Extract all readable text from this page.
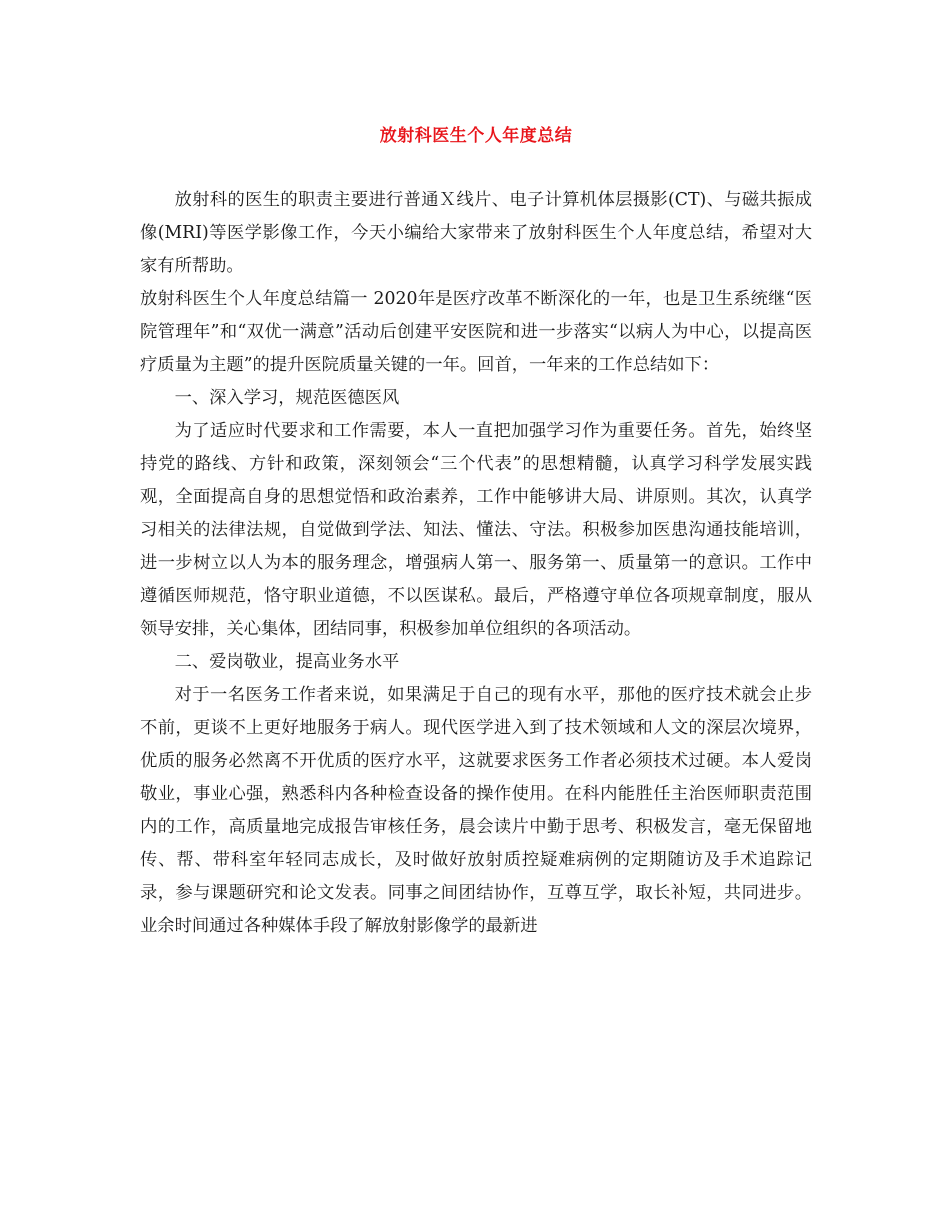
放射科医生个人年度总结

放射科的医生的职责主要进行普通Ｘ线片、电子计算机体层摄影(CT)、与磁共振成像(MRI)等医学影像工作，今天小编给大家带来了放射科医生个人年度总结，希望对大家有所帮助。

放射科医生个人年度总结篇一 2020年是医疗改革不断深化的一年，也是卫生系统继“医院管理年”和“双优一满意”活动后创建平安医院和进一步落实“以病人为中心，以提高医疗质量为主题”的提升医院质量关键的一年。回首，一年来的工作总结如下：

一、深入学习，规范医德医风

为了适应时代要求和工作需要，本人一直把加强学习作为重要任务。首先，始终坚持党的路线、方针和政策，深刻领会“三个代表”的思想精髓，认真学习科学发展实践观，全面提高自身的思想觉悟和政治素养，工作中能够讲大局、讲原则。其次，认真学习相关的法律法规，自觉做到学法、知法、懂法、守法。积极参加医患沟通技能培训，进一步树立以人为本的服务理念，增强病人第一、服务第一、质量第一的意识。工作中遵循医师规范，恪守职业道德，不以医谋私。最后，严格遵守单位各项规章制度，服从领导安排，关心集体，团结同事，积极参加单位组织的各项活动。

二、爱岗敬业，提高业务水平

对于一名医务工作者来说，如果满足于自己的现有水平，那他的医疗技术就会止步不前，更谈不上更好地服务于病人。现代医学进入到了技术领域和人文的深层次境界，优质的服务必然离不开优质的医疗水平，这就要求医务工作者必须技术过硬。本人爱岗敬业，事业心强，熟悉科内各种检查设备的操作使用。在科内能胜任主治医师职责范围内的工作，高质量地完成报告审核任务，晨会读片中勤于思考、积极发言，毫无保留地传、帮、带科室年轻同志成长，及时做好放射质控疑难病例的定期随访及手术追踪记录，参与课题研究和论文发表。同事之间团结协作，互尊互学，取长补短，共同进步。业余时间通过各种媒体手段了解放射影像学的最新进
